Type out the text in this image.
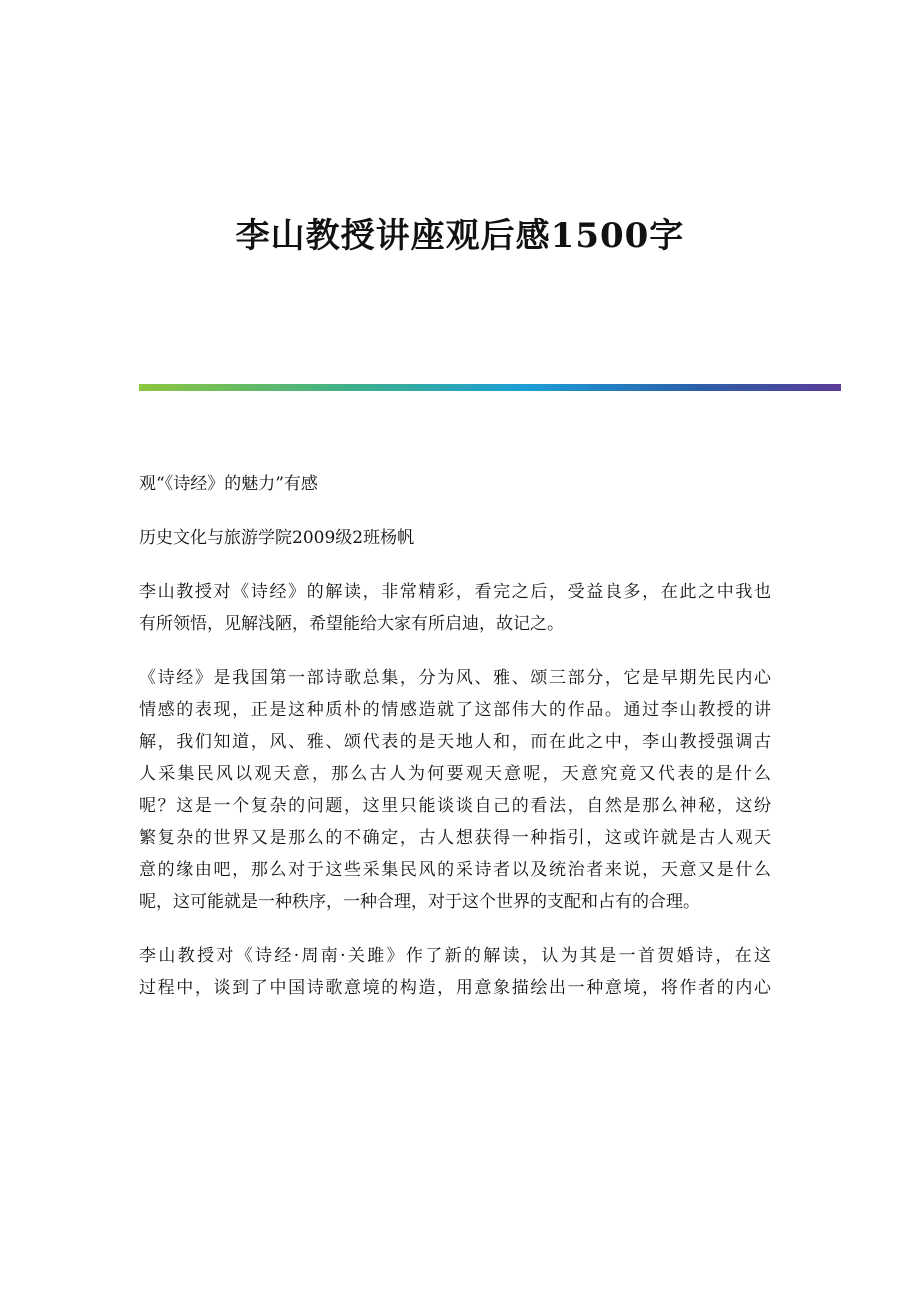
李山教授讲座观后感1500字

观“《诗经》的魅力”有感

历史文化与旅游学院2009级2班杨帆

李山教授对《诗经》的解读，非常精彩，看完之后，受益良多，在此之中我也

有所领悟，见解浅陋，希望能给大家有所启迪，故记之。

《诗经》是我国第一部诗歌总集，分为风、雅、颂三部分，它是早期先民内心

情感的表现，正是这种质朴的情感造就了这部伟大的作品。通过李山教授的讲

解，我们知道，风、雅、颂代表的是天地人和，而在此之中，李山教授强调古

人采集民风以观天意，那么古人为何要观天意呢，天意究竟又代表的是什么

呢？这是一个复杂的问题，这里只能谈谈自己的看法，自然是那么神秘，这纷

繁复杂的世界又是那么的不确定，古人想获得一种指引，这或许就是古人观天

意的缘由吧，那么对于这些采集民风的采诗者以及统治者来说，天意又是什么

呢，这可能就是一种秩序，一种合理，对于这个世界的支配和占有的合理。

李山教授对《诗经·周南·关雎》作了新的解读，认为其是一首贺婚诗，在这

过程中，谈到了中国诗歌意境的构造，用意象描绘出一种意境，将作者的内心
